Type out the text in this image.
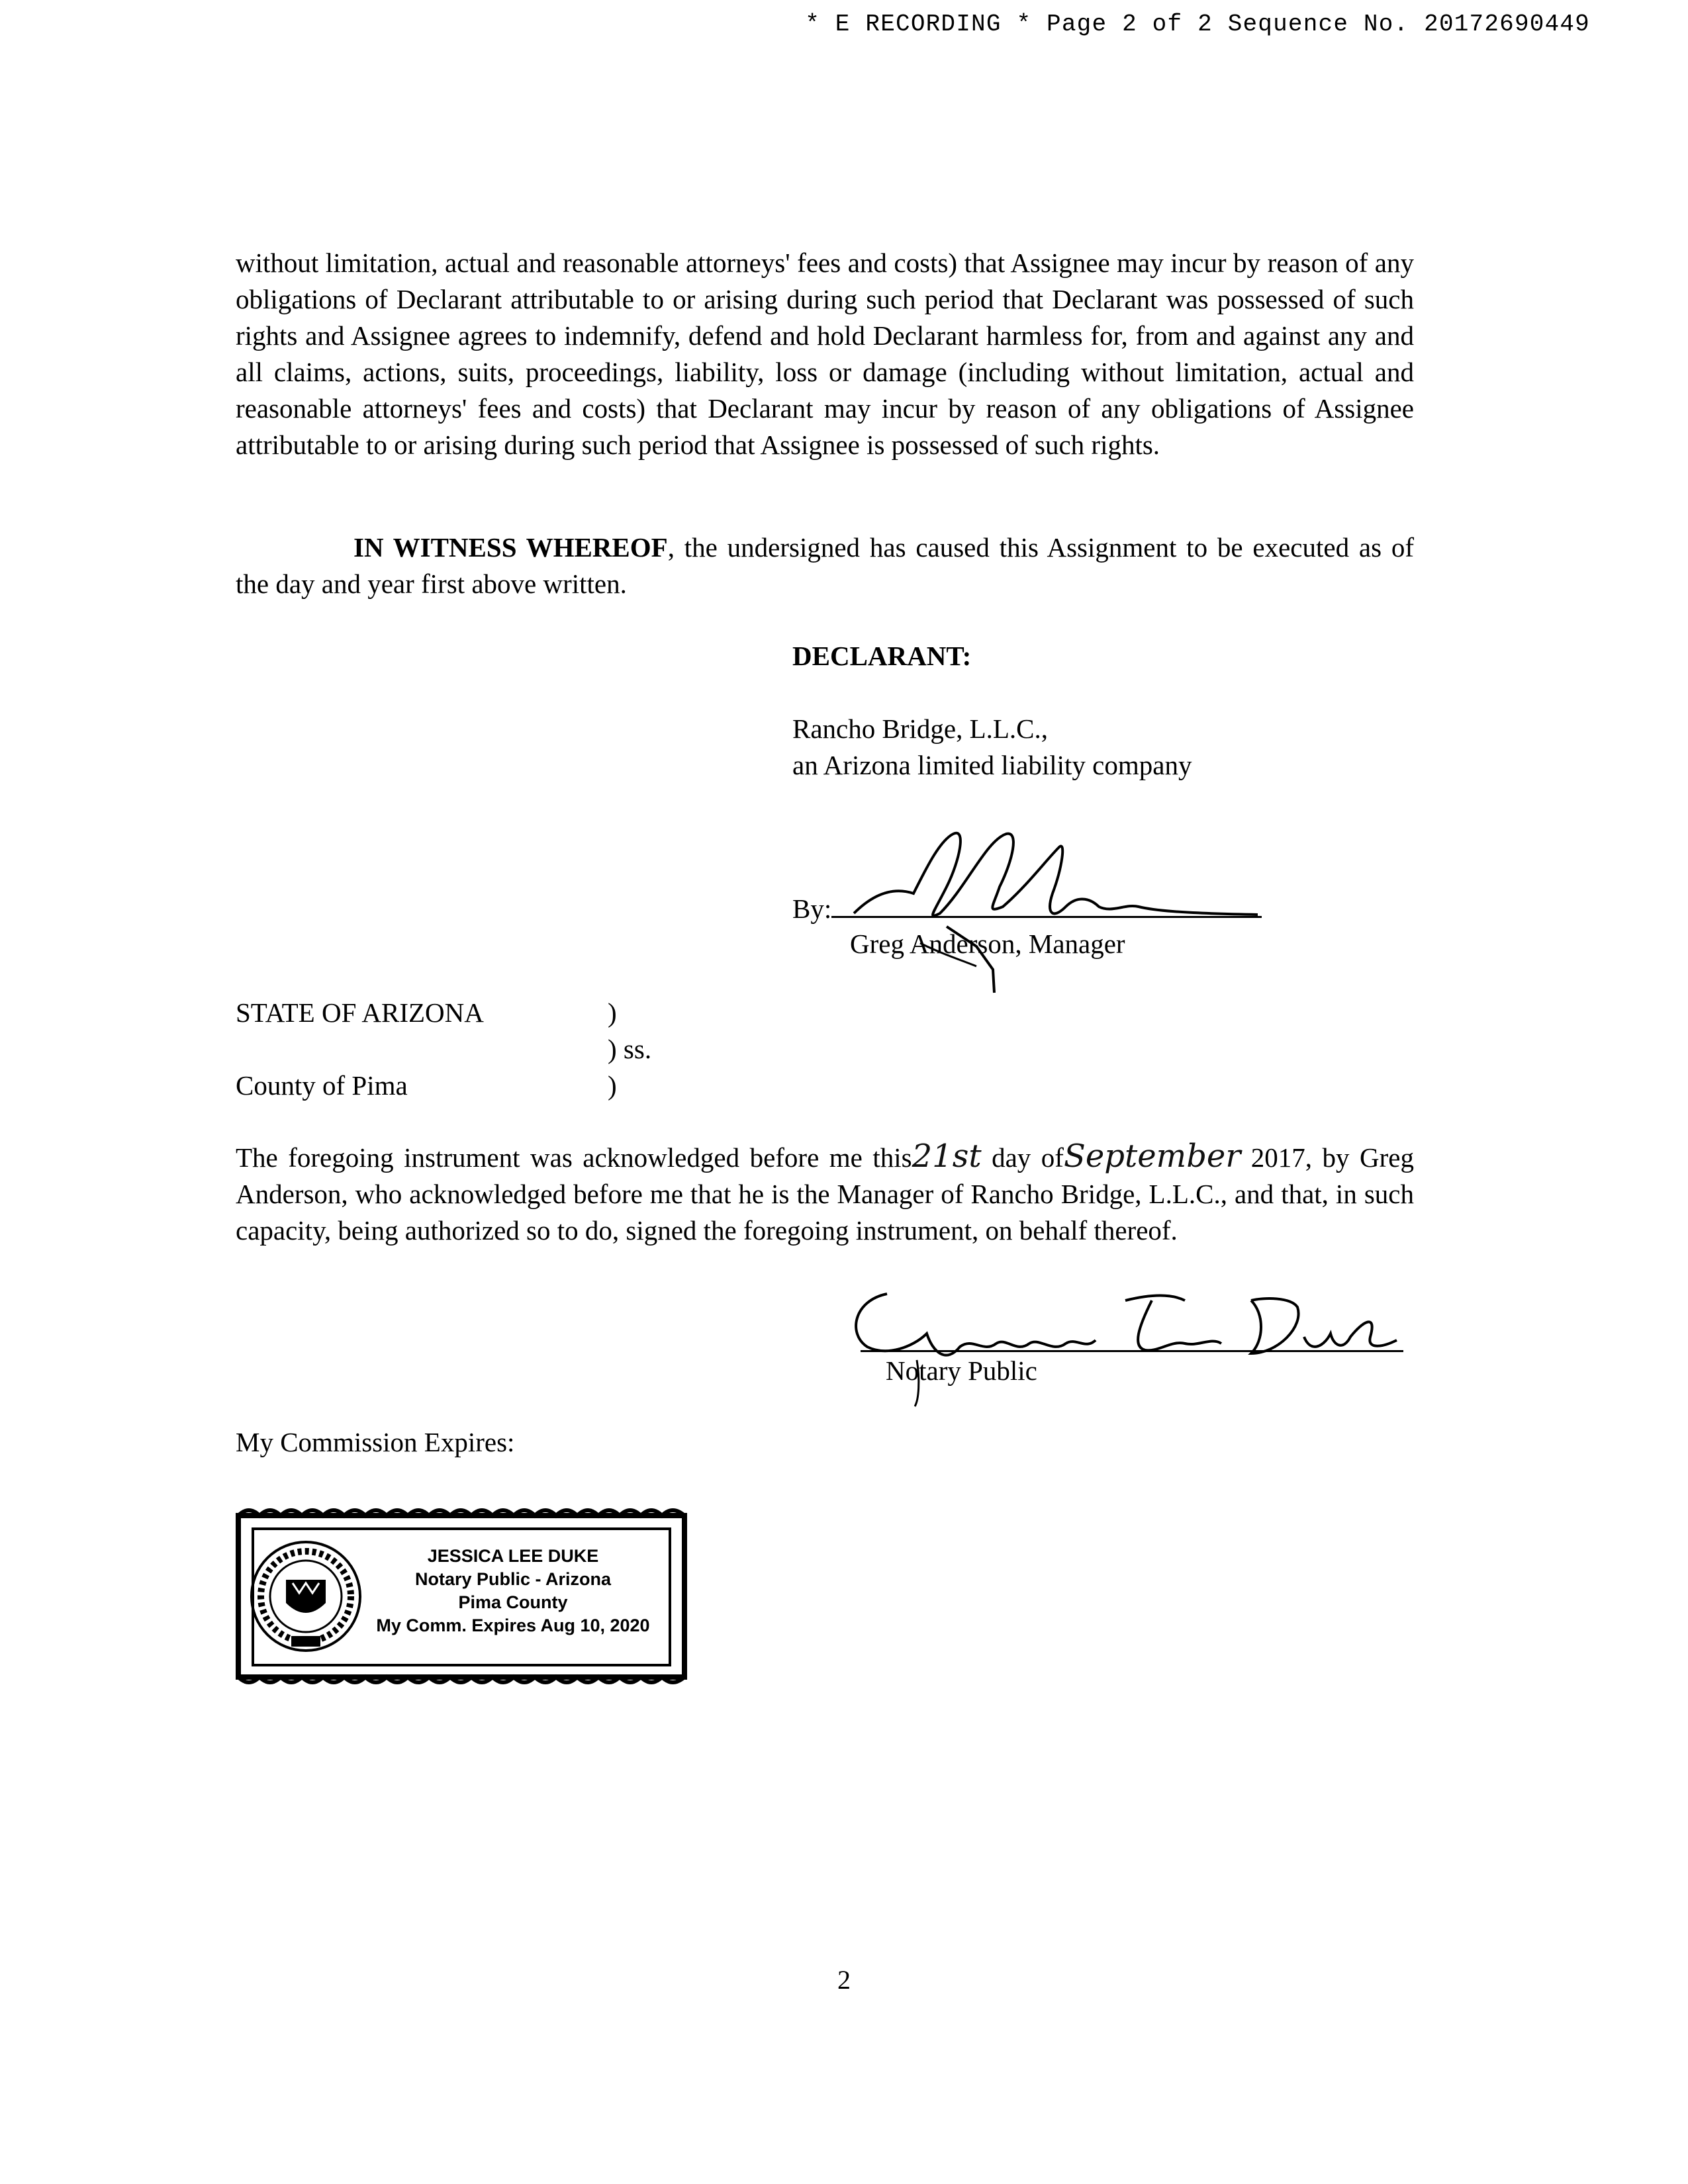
* E RECORDING * Page 2 of 2 Sequence No. 20172690449
without limitation, actual and reasonable attorneys' fees and costs) that Assignee may incur by reason of any obligations of Declarant attributable to or arising during such period that Declarant was possessed of such rights and Assignee agrees to indemnify, defend and hold Declarant harmless for, from and against any and all claims, actions, suits, proceedings, liability, loss or damage (including without limitation, actual and reasonable attorneys' fees and costs) that Declarant may incur by reason of any obligations of Assignee attributable to or arising during such period that Assignee is possessed of such rights.
IN WITNESS WHEREOF, the undersigned has caused this Assignment to be executed as of the day and year first above written.
DECLARANT:
Rancho Bridge, L.L.C.,
an Arizona limited liability company
By:
Greg Anderson, Manager
STATE OF ARIZONA	)
) ss.
County of Pima	)
The foregoing instrument was acknowledged before me this21st day ofSeptember 2017, by Greg Anderson, who acknowledged before me that he is the Manager of Rancho Bridge, L.L.C., and that, in such capacity, being authorized so to do, signed the foregoing instrument, on behalf thereof.
Notary Public
My Commission Expires:
JESSICA LEE DUKE
Notary Public - Arizona
Pima County
My Comm. Expires Aug 10, 2020
2
